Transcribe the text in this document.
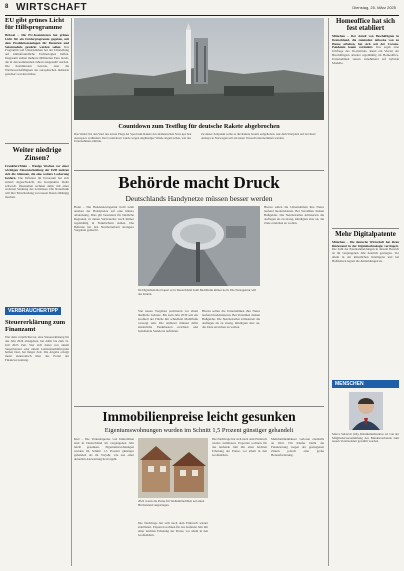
8 WIRTSCHAFT	Dienstag, 25. März 2025
EU gibt grünes Licht für Hilfsprogramme
Brüssel – Die EU-Kommission hat grünes Licht für ein Förderprogramm gegeben, mit dem Produktionsanlagen für Batterien und Solarmodule gestärkt werden sollen. Das Programm soll Unternehmen bei der Umstellung auf klimafreundliche Technologien helfen. Insgesamt stehen mehrere Milliarden Euro bereit, die in den kommenden Jahren ausgezahlt werden. Die Kommission betonte, dass die Wettbewerbsfähigkeit der europäischen Industrie gesichert werden müsse.
Weiter niedrige Zinsen?
Frankfurt/Main – Wenige Wochen vor einer wichtigen Zinsentscheidung der EZB mehren sich die Stimmen, die eine weitere Lockerung fordern. Die Inflation im Euroraum hat sich zuletzt abgeschwächt, die Konjunktur bleibt schwach. Ökonomen rechnen daher mit einer weiteren Senkung des Leitzinses. Die Notenbank will ihre Entscheidung von neuen Daten abhängig machen.
VERBRAUCHERTIPP
Steuererklärung zum Finanzamt
Wer dazu verpflichtet ist, eine Steuererklärung für das Jahr 2024 abzugeben, hat dafür bis zum 31. Juli 2025 Zeit. Wer sich dabei von einem Steuerberater oder einem Lohnsteuerhilfeverein helfen lässt, hat länger Zeit. Die Abgabe erfolgt meist elektronisch über das Portal der Finanzverwaltung.
Countdown zum Testflug für deutsche Rakete abgebrochen
Das Wetter hat den Start des ersten Flugs der Spectrum-Rakete des süddeutschen Start-ups Isar Aerospace verhindert. Der Countdown wurde wegen ungünstiger Winde abgebrochen, wie das Unternehmen erklärte.
Zu dieser Zeitpunkt sollte es die Rakete bereits aufgehoben. Auf dem Startplatz auf der Insel Andøya in Norwegen soll ein neuer Versuch unternommen werden.
Behörde macht Druck
Deutschlands Handynetze müssen besser werden
Bonn – Die Bundesnetzagentur hofft beim Ausbau der Handynetze auf eine höhere Abdeckung. Dies gilt besonders für ländliche Regionen, in denen Verbraucher noch immer regelmäßig in Funklöchern stehen. Die Behörde hat den Netzbetreibern strengere Vorgaben gemacht.
Im Digitalzeitalter hapert es in Deutschland beim Mobilfunk immer noch. Die Netzagentur will das ändern.
Von neuen Vorgaben profitieren vor allem ländliche Gebiete. Bis zum Jahr 2030 soll ein Großteil der Fläche mit schnellem Mobilfunk versorgt sein. Die Anbieter müssen dafür zusätzliche Funkmasten errichten und bestehende Standorte aufrüsten.
Hierzu sollen die Unternehmen ihre Netze laufend modernisieren. Bei Verstößen drohen Bußgelder. Die Netzbetreiber kritisierten die Auflagen als zu streng, kündigten aber an, die Ziele erreichen zu wollen.
Hierzu sollen die Unternehmen ihre Netze laufend modernisieren. Bei Verstößen drohen Bußgelder. Die Netzbetreiber kritisierten die Auflagen als zu streng, kündigten aber an, die Ziele erreichen zu wollen.
Immobilienpreise leicht gesunken
Eigentumswohnungen wurden im Schnitt 1,5 Prozent günstiger gehandelt
Kiel – Die Verkaufspreise von Immobilien sind in Deutschland im vergangenen Jahr leicht gesunken. Eigentumswohnungen wurden im Schnitt 1,5 Prozent günstiger gehandelt als im Vorjahr, wie aus einer aktuellen Auswertung hervorgeht.
2022 waren die Preise für Wohnimmobilien auf einen Höchststand angestiegen.
Die Nachfrage hat sich nach dem Einbruch wieder stabilisiert. Experten rechnen für das laufende Jahr mit einer leichten Erholung der Preise, vor allem in den Großstädten.
Die Nachfrage hat sich nach dem Einbruch wieder stabilisiert. Experten rechnen für das laufende Jahr mit einer leichten Erholung der Preise, vor allem in den Großstädten.
Mehrfamilienhäuser verloren ebenfalls an Wert. Für Käufer bleibt die Finanzierung wegen der gestiegenen Zinsen jedoch eine große Herausforderung.
Homeoffice hat sich fest etabliert
München – Der Anteil von Beschäftigten in Deutschland, die zumindest teilweise von zu Hause arbeiten, hat sich seit der Corona-Pandemie kaum verändert. Das ergab eine Umfrage des Ifo-Instituts. Rund ein Viertel der Beschäftigten arbeitet regelmäßig im Homeoffice. Unternehmen setzen zunehmend auf hybride Modelle.
Mehr Digitalpatente
München – Die deutsche Wirtschaft hat ihren Rückstand in der Digitaltechnologie verringert. Die Zahl der Patentanmeldungen in diesem Bereich ist im vergangenen Jahr deutlich gestiegen. Vor allem in der künstlichen Intelligenz und bei Halbleitern legten die Anmeldungen zu.
MENSCHEN
Marco Sefzavic (66), Klinikumsdirektor, ist von der Mitgliederversammlung des Bundesverbands zum neuen Vorsitzenden gewählt worden.
